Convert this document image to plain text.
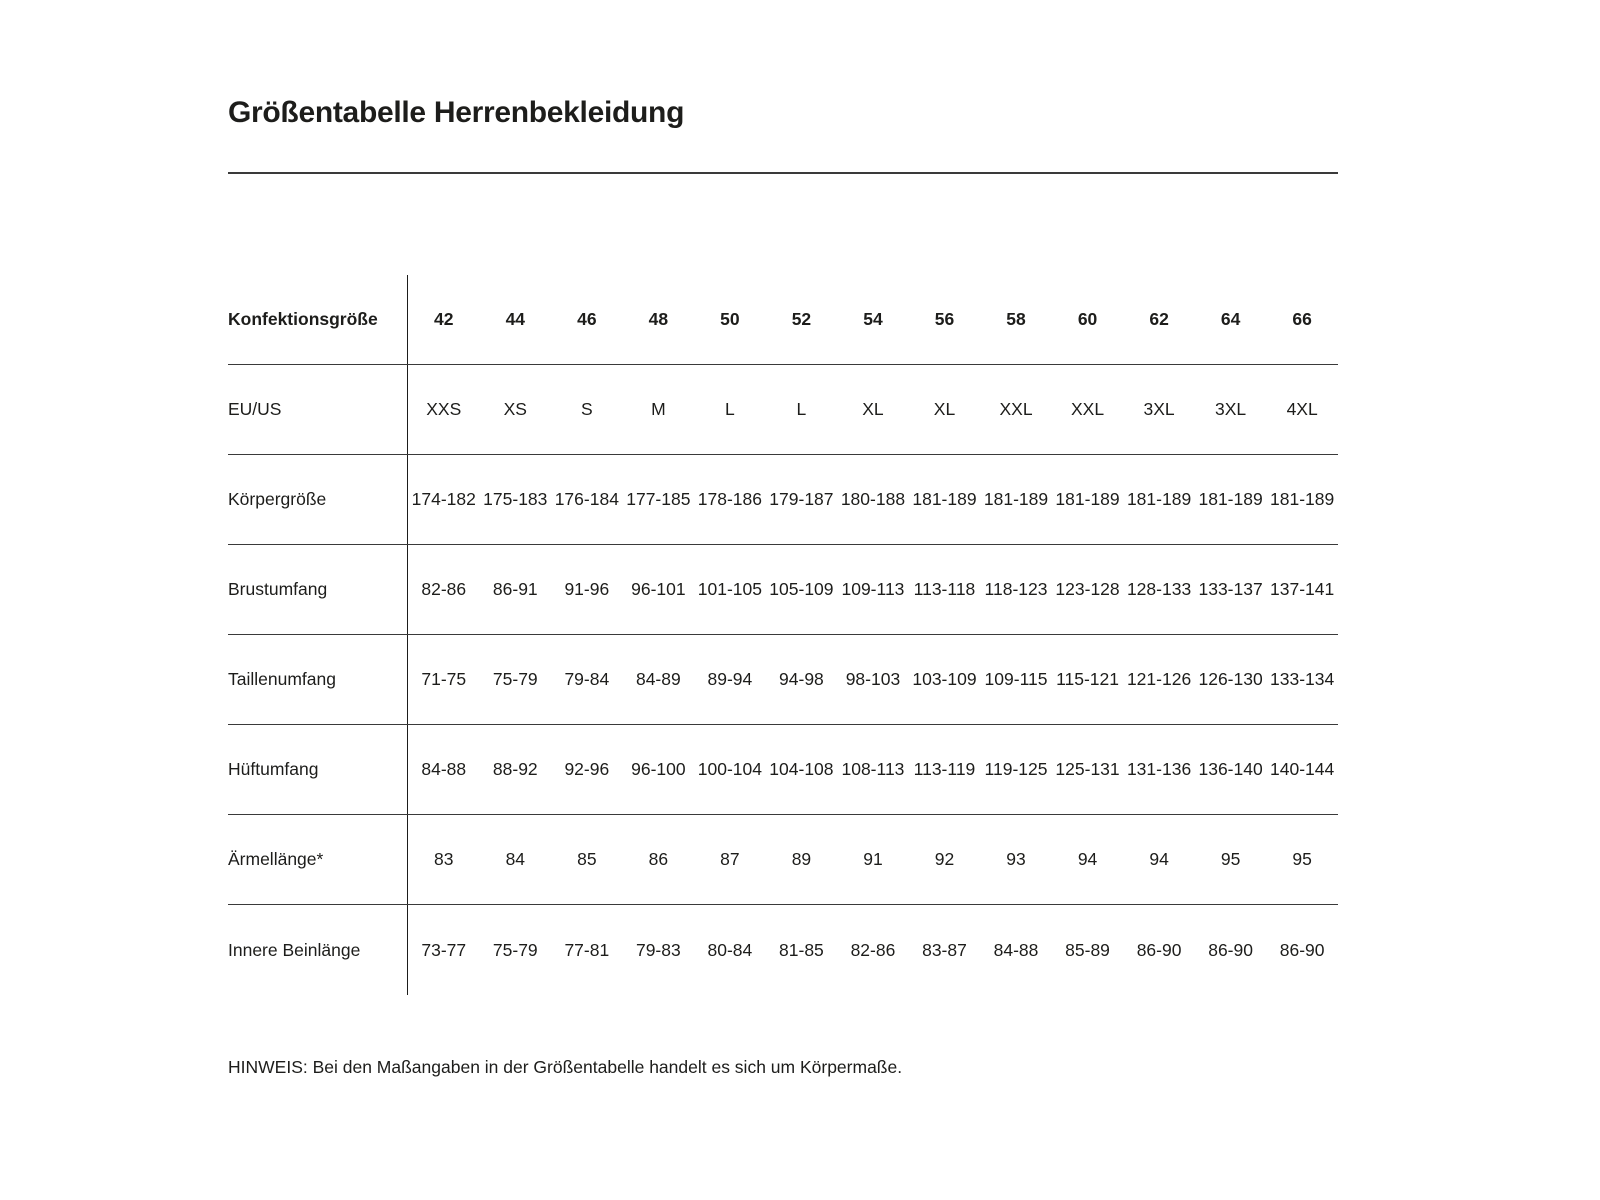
Größentabelle Herrenbekleidung
Konfektionsgröße	42	44	46	48	50	52	54	56	58	60	62	64	66
EU/US	XXS	XS	S	M	L	L	XL	XL	XXL	XXL	3XL	3XL	4XL
Körpergröße	174-182 175-183 176-184 177-185 178-186 179-187 180-188 181-189 181-189 181-189 181-189 181-189 181-189
Brustumfang	82-86	86-91	91-96	96-101 101-105 105-109 109-113 113-118 118-123 123-128 128-133 133-137 137-141
Taillenumfang	71-75	75-79	79-84	84-89	89-94	94-98	98-103 103-109 109-115 115-121 121-126 126-130 133-134
Hüftumfang	84-88	88-92	92-96	96-100 100-104 104-108 108-113 113-119 119-125 125-131 131-136 136-140 140-144
Ärmellänge*	83	84	85	86	87	89	91	92	93	94	94	95	95
Innere Beinlänge	73-77	75-79	77-81	79-83	80-84	81-85	82-86	83-87	84-88	85-89	86-90	86-90	86-90
HINWEIS: Bei den Maßangaben in der Größentabelle handelt es sich um Körpermaße.
